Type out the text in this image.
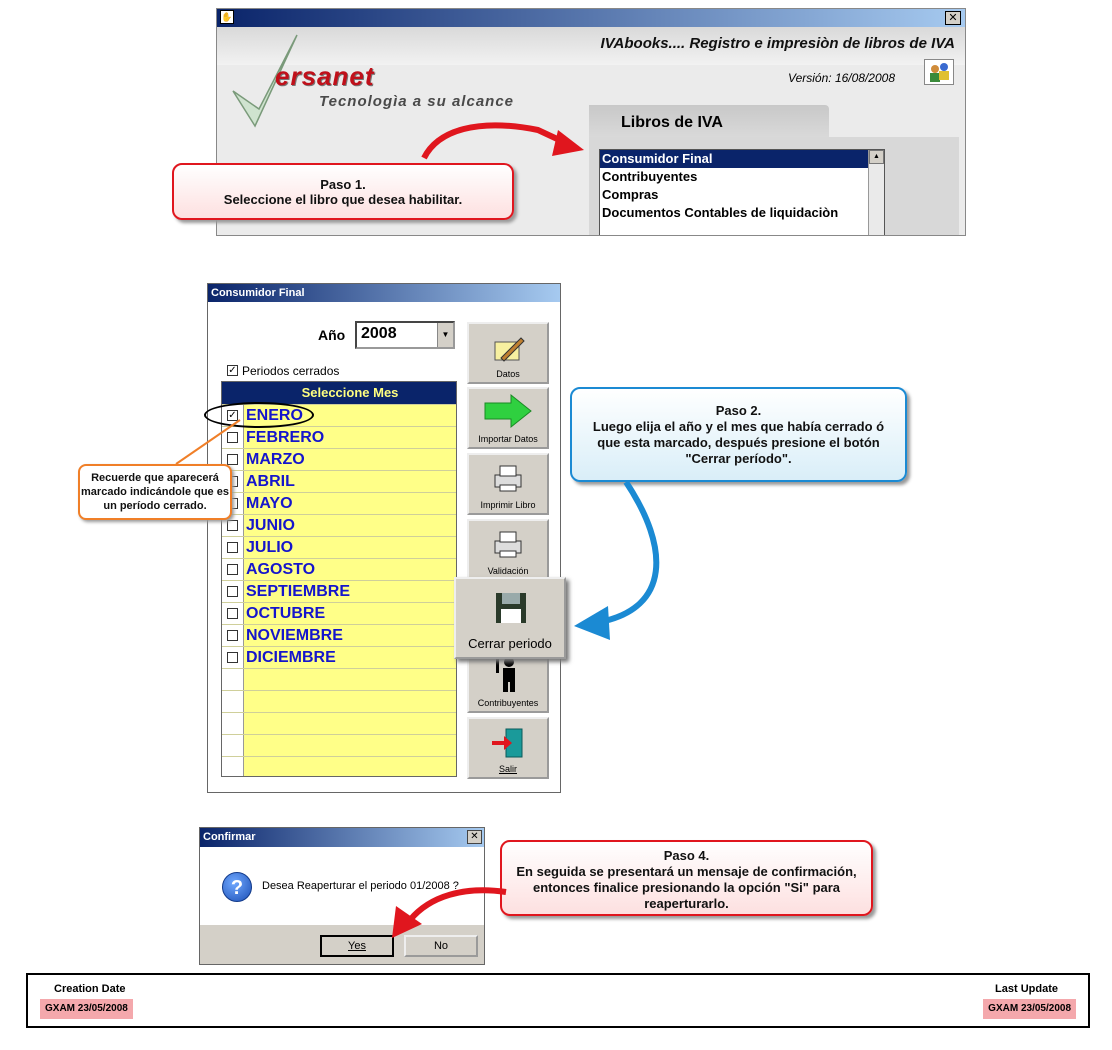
✋	✕
IVAbooks.... Registro e impresiòn de libros de IVA
ersanet
Tecnologìa a su alcance
Versión: 16/08/2008
Libros de IVA
Consumidor Final
Contribuyentes
Compras
Documentos Contables de liquidaciòn
▲
Paso 1.
Seleccione el libro que desea habilitar.
Consumidor Final
Año 2008	▼
✓ Periodos cerrados
Seleccione Mes
✓ ENERO
FEBRERO
MARZO
ABRIL
MAYO
JUNIO
JULIO
AGOSTO
SEPTIEMBRE
OCTUBRE
NOVIEMBRE
DICIEMBRE
Datos
Importar Datos
Imprimir Libro
Validación
Contribuyentes
Salir
Cerrar periodo
Recuerde que aparecerá marcado indicándole que es un período cerrado.
Paso 2.
Luego elija el año y el mes que había cerrado ó que esta marcado, después presione el botón "Cerrar período".
Confirmar	✕
?	Desea Reaperturar el periodo 01/2008 ?
Yes	No
Paso 4.
En seguida se presentará un mensaje de confirmación, entonces finalice presionando la opción "Si" para reaperturarlo.
Creation Date
GXAM 23/05/2008
Last Update
GXAM 23/05/2008
